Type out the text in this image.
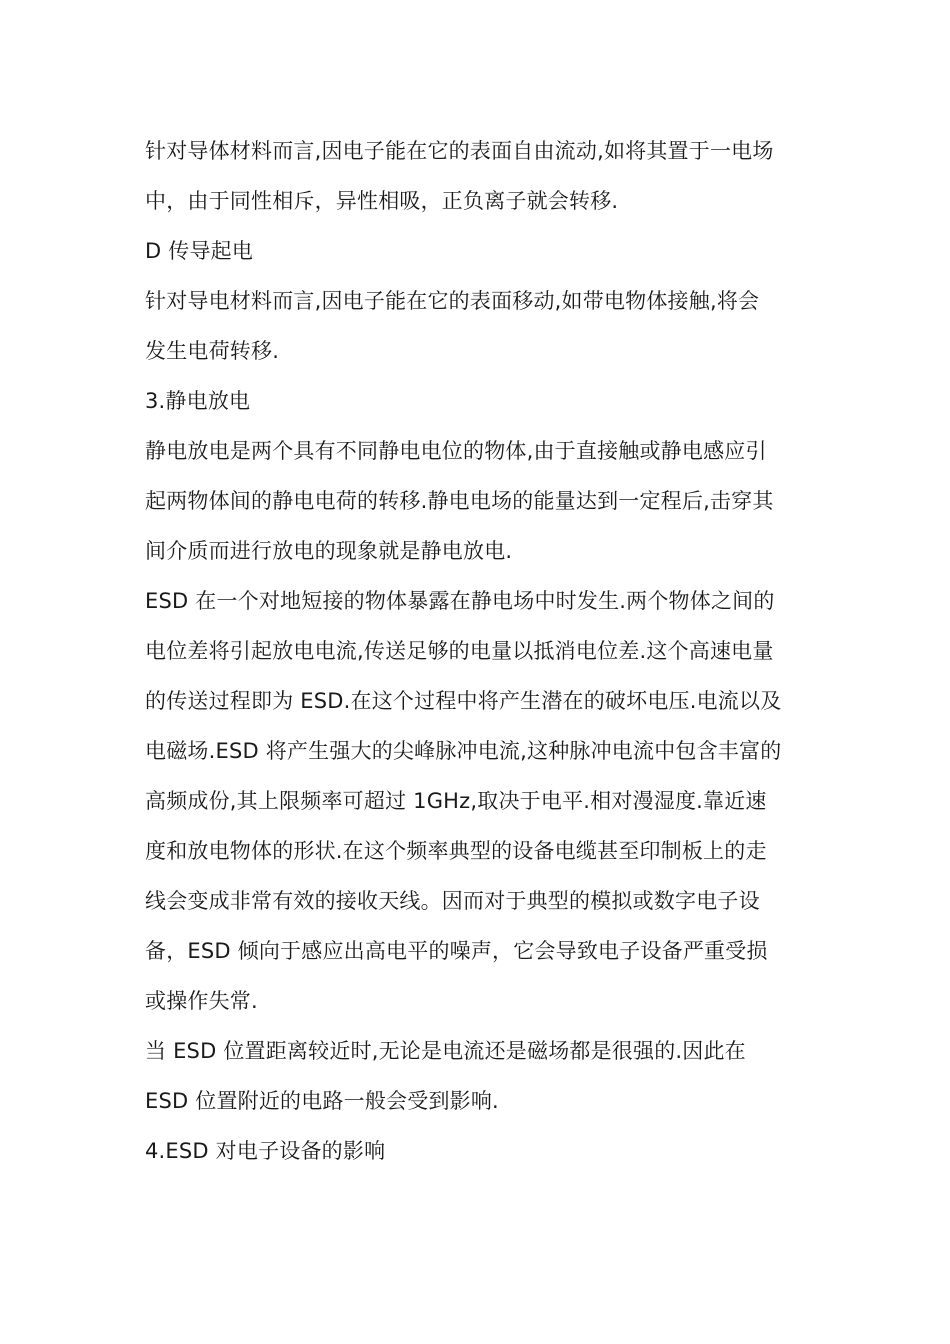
针对导体材料而言,因电子能在它的表面自由流动,如将其置于一电场
中，由于同性相斥，异性相吸，正负离子就会转移.
D 传导起电
针对导电材料而言,因电子能在它的表面移动,如带电物体接触,将会
发生电荷转移.
3.静电放电
静电放电是两个具有不同静电电位的物体,由于直接触或静电感应引
起两物体间的静电电荷的转移.静电电场的能量达到一定程后,击穿其
间介质而进行放电的现象就是静电放电.
ESD 在一个对地短接的物体暴露在静电场中时发生.两个物体之间的
电位差将引起放电电流,传送足够的电量以抵消电位差.这个高速电量
的传送过程即为 ESD.在这个过程中将产生潜在的破坏电压.电流以及
电磁场.ESD 将产生强大的尖峰脉冲电流,这种脉冲电流中包含丰富的
高频成份,其上限频率可超过 1GHz,取决于电平.相对漫湿度.靠近速
度和放电物体的形状.在这个频率典型的设备电缆甚至印制板上的走
线会变成非常有效的接收天线。因而对于典型的模拟或数字电子设
备，ESD 倾向于感应出高电平的噪声，它会导致电子设备严重受损
或操作失常.
当 ESD 位置距离较近时,无论是电流还是磁场都是很强的.因此在
ESD 位置附近的电路一般会受到影响.
4.ESD 对电子设备的影响
